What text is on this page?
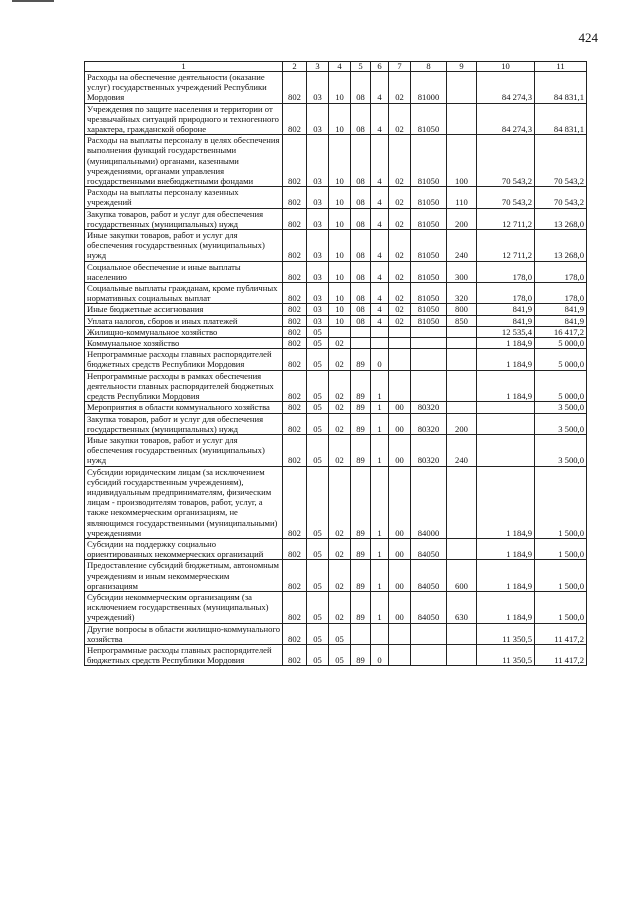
424
1	2	3	4	5	6	7	8	9	10	11
Расходы на обеспечение деятельности (оказание услуг) государственных учреждений Республики Мордовия	802	03	10	08	4	02	81000		84 274,3	84 831,1
Учреждения по защите населения и территории от чрезвычайных ситуаций природного и техногенного характера, гражданской обороне	802	03	10	08	4	02	81050		84 274,3	84 831,1
Расходы на выплаты персоналу в целях обеспечения выполнения функций государственными (муниципальными) органами, казенными учреждениями, органами управления государственными внебюджетными фондами	802	03	10	08	4	02	81050	100	70 543,2	70 543,2
Расходы на выплаты персоналу казенных учреждений	802	03	10	08	4	02	81050	110	70 543,2	70 543,2
Закупка товаров, работ и услуг для обеспечения государственных (муниципальных) нужд	802	03	10	08	4	02	81050	200	12 711,2	13 268,0
Иные закупки товаров, работ и услуг для обеспечения государственных (муниципальных) нужд	802	03	10	08	4	02	81050	240	12 711,2	13 268,0
Социальное обеспечение и иные выплаты населению	802	03	10	08	4	02	81050	300	178,0	178,0
Социальные выплаты гражданам, кроме публичных нормативных социальных выплат	802	03	10	08	4	02	81050	320	178,0	178,0
Иные бюджетные ассигнования	802	03	10	08	4	02	81050	800	841,9	841,9
Уплата налогов, сборов и иных платежей	802	03	10	08	4	02	81050	850	841,9	841,9
Жилищно-коммунальное хозяйство	802	05							12 535,4	16 417,2
Коммунальное хозяйство	802	05	02						1 184,9	5 000,0
Непрограммные расходы главных распорядителей бюджетных средств Республики Мордовия	802	05	02	89	0				1 184,9	5 000,0
Непрограммные расходы в рамках обеспечения деятельности главных распорядителей бюджетных средств Республики Мордовия	802	05	02	89	1				1 184,9	5 000,0
Мероприятия в области коммунального хозяйства	802	05	02	89	1	00	80320			3 500,0
Закупка товаров, работ и услуг для обеспечения государственных (муниципальных) нужд	802	05	02	89	1	00	80320	200		3 500,0
Иные закупки товаров, работ и услуг для обеспечения государственных (муниципальных) нужд	802	05	02	89	1	00	80320	240		3 500,0
Субсидии юридическим лицам (за исключением субсидий государственным учреждениям), индивидуальным предпринимателям, физическим лицам - производителям товаров, работ, услуг, а также некоммерческим организациям, не являющимся государственными (муниципальными) учреждениями	802	05	02	89	1	00	84000		1 184,9	1 500,0
Субсидии на поддержку социально ориентированных некоммерческих организаций	802	05	02	89	1	00	84050		1 184,9	1 500,0
Предоставление субсидий бюджетным, автономным учреждениям и иным некоммерческим организациям	802	05	02	89	1	00	84050	600	1 184,9	1 500,0
Субсидии некоммерческим организациям (за исключением государственных (муниципальных) учреждений)	802	05	02	89	1	00	84050	630	1 184,9	1 500,0
Другие вопросы в области жилищно-коммунального хозяйства	802	05	05						11 350,5	11 417,2
Непрограммные расходы главных распорядителей бюджетных средств Республики Мордовия	802	05	05	89	0				11 350,5	11 417,2
